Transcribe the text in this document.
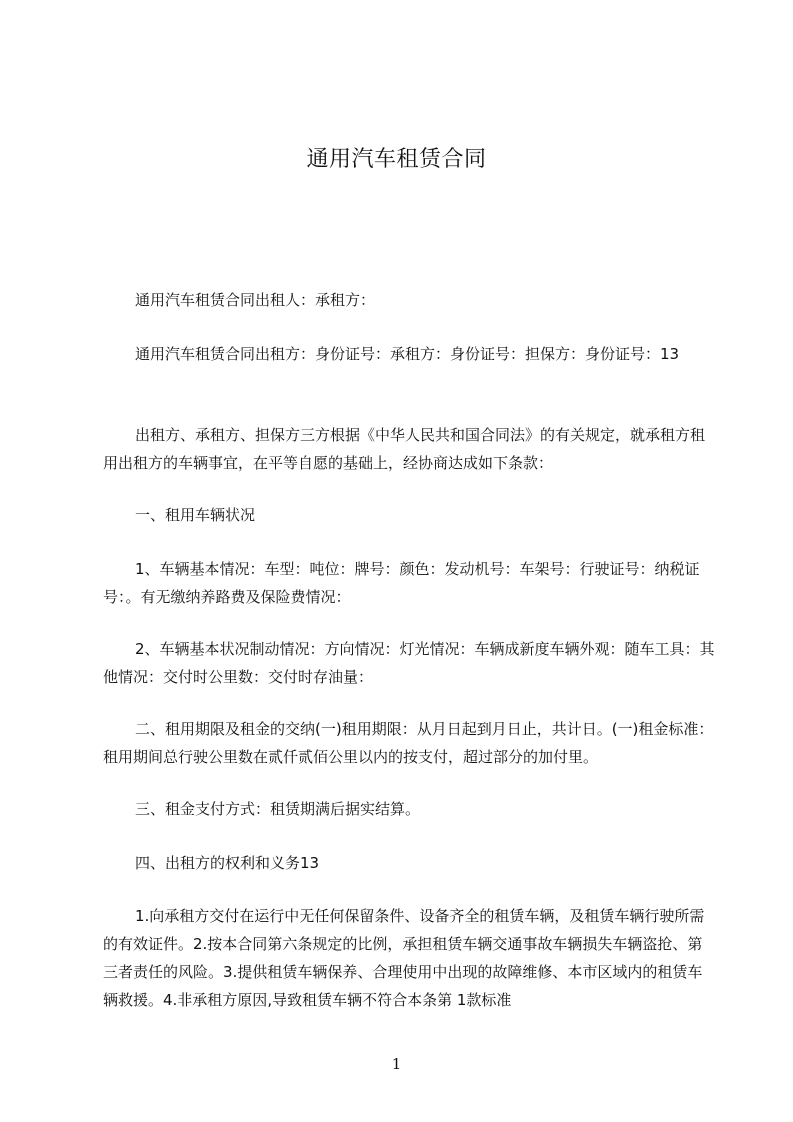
通用汽车租赁合同
通用汽车租赁合同出租人：承租方：
通用汽车租赁合同出租方：身份证号：承租方：身份证号：担保方：身份证号：13
出租方、承租方、担保方三方根据《中华人民共和国合同法》的有关规定，就承租方租用出租方的车辆事宜，在平等自愿的基础上，经协商达成如下条款：
一、租用车辆状况
1、车辆基本情况：车型：吨位：牌号：颜色：发动机号：车架号：行驶证号：纳税证号：。有无缴纳养路费及保险费情况：
2、车辆基本状况制动情况：方向情况：灯光情况：车辆成新度车辆外观：随车工具：其他情况：交付时公里数：交付时存油量：
二、租用期限及租金的交纳(一)租用期限：从月日起到月日止，共计日。(一)租金标准：租用期间总行驶公里数在贰仟贰佰公里以内的按支付，超过部分的加付里。
三、租金支付方式：租赁期满后据实结算。
四、出租方的权利和义务13
1.向承租方交付在运行中无任何保留条件、设备齐全的租赁车辆，及租赁车辆行驶所需的有效证件。2.按本合同第六条规定的比例，承担租赁车辆交通事故车辆损失车辆盗抢、第三者责任的风险。3.提供租赁车辆保养、合理使用中出现的故障维修、本市区域内的租赁车辆救援。4.非承租方原因,导致租赁车辆不符合本条第 1款标准
1
